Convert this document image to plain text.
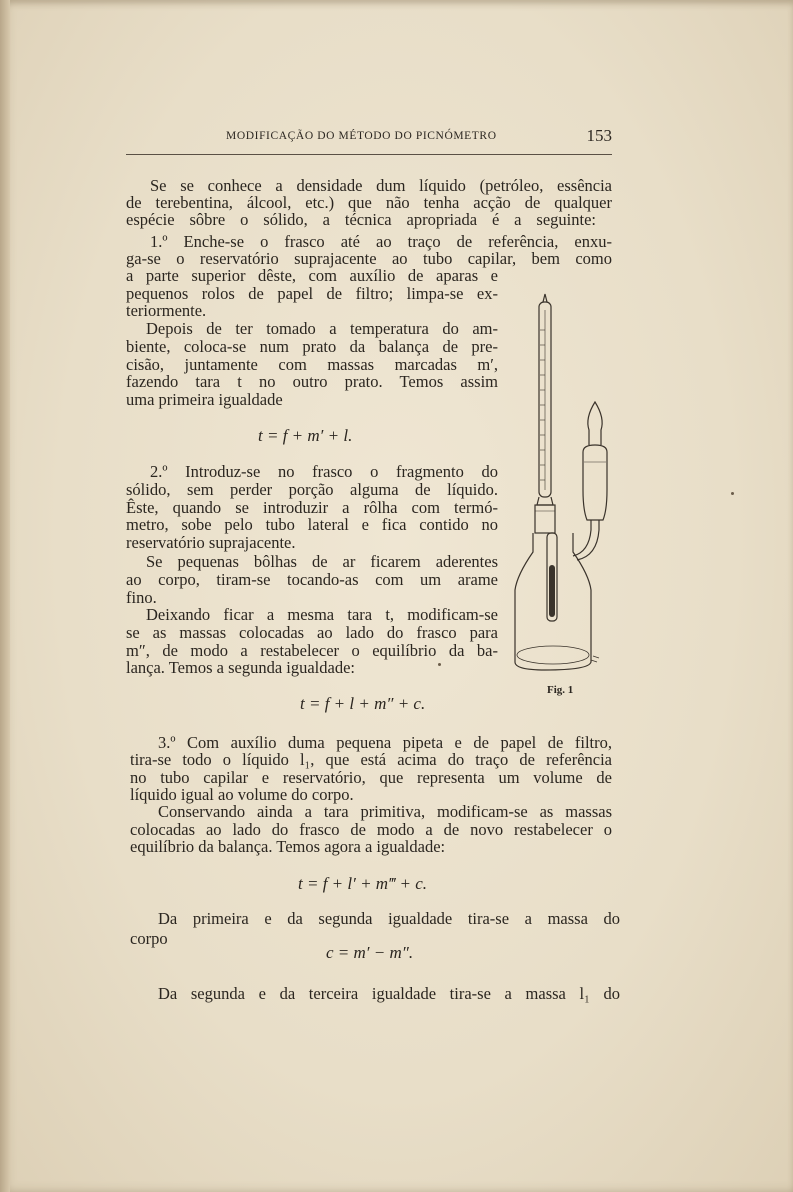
MODIFICAÇÃO DO MÉTODO DO PICNÓMETRO	153
Se se conhece a densidade dum líquido (petróleo, essência
de terebentina, álcool, etc.) que não tenha acção de qualquer
espécie sôbre o sólido, a técnica apropriada é a seguinte:
1.º Enche-se o frasco até ao traço de referência, enxu-
ga-se o reservatório suprajacente ao tubo capilar, bem como
a parte superior dêste, com auxílio de aparas e
pequenos rolos de papel de filtro; limpa-se ex-
teriormente.
Depois de ter tomado a temperatura do am-
biente, coloca-se num prato da balança de pre-
cisão, juntamente com massas marcadas m′,
fazendo tara t no outro prato. Temos assim
uma primeira igualdade
t = f + m′ + l.
2.º Introduz-se no frasco o fragmento do
sólido, sem perder porção alguma de líquido.
Êste, quando se introduzir a rôlha com termó-
metro, sobe pelo tubo lateral e fica contido no
reservatório suprajacente.
Se pequenas bôlhas de ar ficarem aderentes
ao corpo, tiram-se tocando-as com um arame
fino.
Deixando ficar a mesma tara t, modificam-se
se as massas colocadas ao lado do frasco para
m″, de modo a restabelecer o equilíbrio da ba-
lança. Temos a segunda igualdade:
t = f + l + m″ + c.
3.º Com auxílio duma pequena pipeta e de papel de filtro,
tira-se todo o líquido l₁, que está acima do traço de referência
no tubo capilar e reservatório, que representa um volume de
líquido igual ao volume do corpo.
Conservando ainda a tara primitiva, modificam-se as massas
colocadas ao lado do frasco de modo a de novo restabelecer o
equilíbrio da balança. Temos agora a igualdade:
t = f + l′ + m‴ + c.
Da primeira e da segunda igualdade tira-se a massa do
corpo
c = m′ − m″.
Da segunda e da terceira igualdade tira-se a massa l₁ do
Fig. 1
